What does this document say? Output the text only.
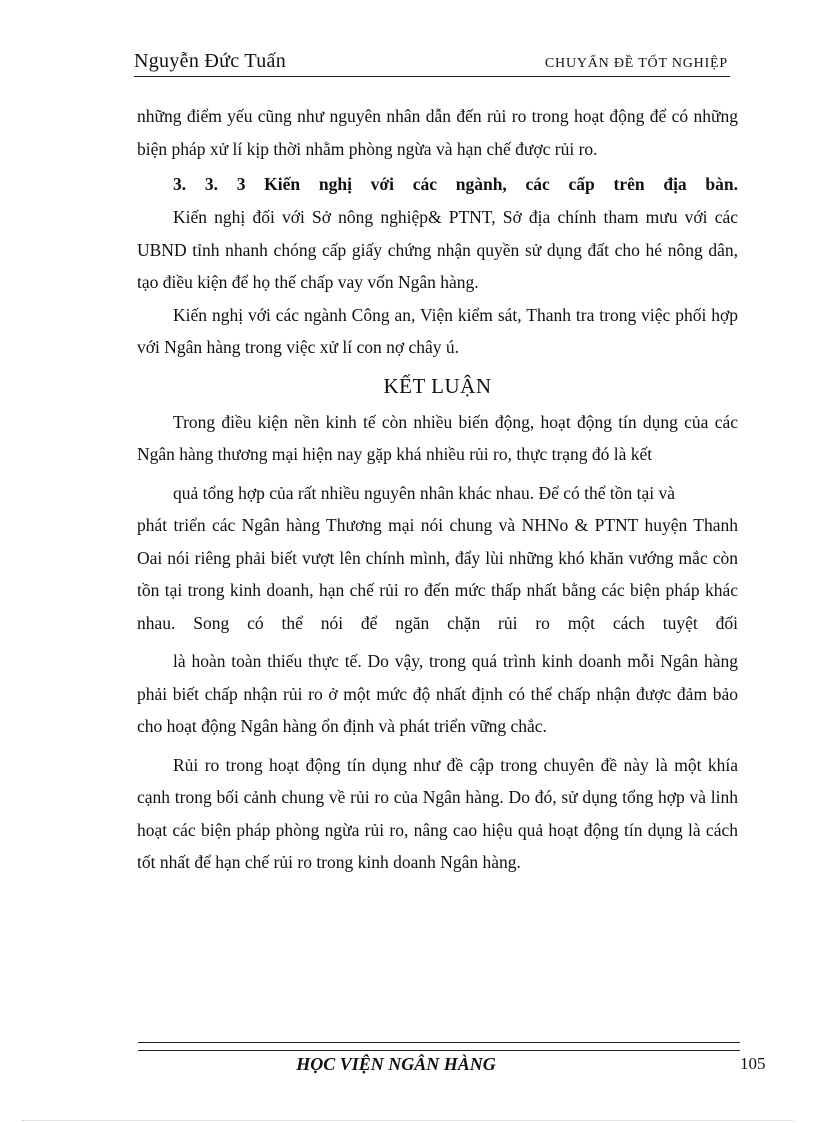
Nguyễn Đức Tuấn	CHUYẤN ĐỀ TỐT NGHIỆP

những điểm yếu cũng như nguyên nhân dẫn đến rủi ro trong hoạt động để có những biện pháp xử lí kịp thời nhằm phòng ngừa và hạn chế được rủi ro.

3. 3. 3 Kiến nghị với các ngành, các cấp trên địa bàn.

Kiến nghị đối với Sở nông nghiệp& PTNT, Sở địa chính tham mưu với các UBND tỉnh nhanh chóng cấp giấy chứng nhận quyền sử dụng đất cho hé nông dân, tạo điều kiện để họ thế chấp vay vốn Ngân hàng.

Kiến nghị với các ngành Công an, Viện kiểm sát, Thanh tra trong việc phối hợp với Ngân hàng trong việc xử lí con nợ chây ú.

KẾT LUẬN

Trong điều kiện nền kinh tế còn nhiều biến động, hoạt động tín dụng của các Ngân hàng thương mại hiện nay gặp khá nhiều rủi ro, thực trạng đó là kết

quả tổng hợp của rất nhiều nguyên nhân khác nhau. Để có thể tồn tại và

phát triển các Ngân hàng Thương mại nói chung và NHNo & PTNT huyện Thanh Oai nói riêng phải biết vượt lên chính mình, đẩy lùi những khó khăn vướng mắc còn tồn tại trong kinh doanh, hạn chế rủi ro đến mức thấp nhất bằng các biện pháp khác nhau. Song có thể nói để ngăn chặn rủi ro một cách tuyệt đối

là hoàn toàn thiếu thực tế. Do vậy, trong quá trình kinh doanh mỗi Ngân hàng phải biết chấp nhận rủi ro ở một mức độ nhất định có thể chấp nhận được đảm bảo cho hoạt động Ngân hàng ổn định và phát triển vững chắc.

Rủi ro trong hoạt động tín dụng như đề cập trong chuyên đề này là một khía cạnh trong bối cảnh chung về rủi ro của Ngân hàng. Do đó, sử dụng tổng hợp và linh hoạt các biện pháp phòng ngừa rủi ro, nâng cao hiệu quả hoạt động tín dụng là cách tốt nhất để hạn chế rủi ro trong kinh doanh Ngân hàng.

HỌC VIỆN NGÂN HÀNG	105
